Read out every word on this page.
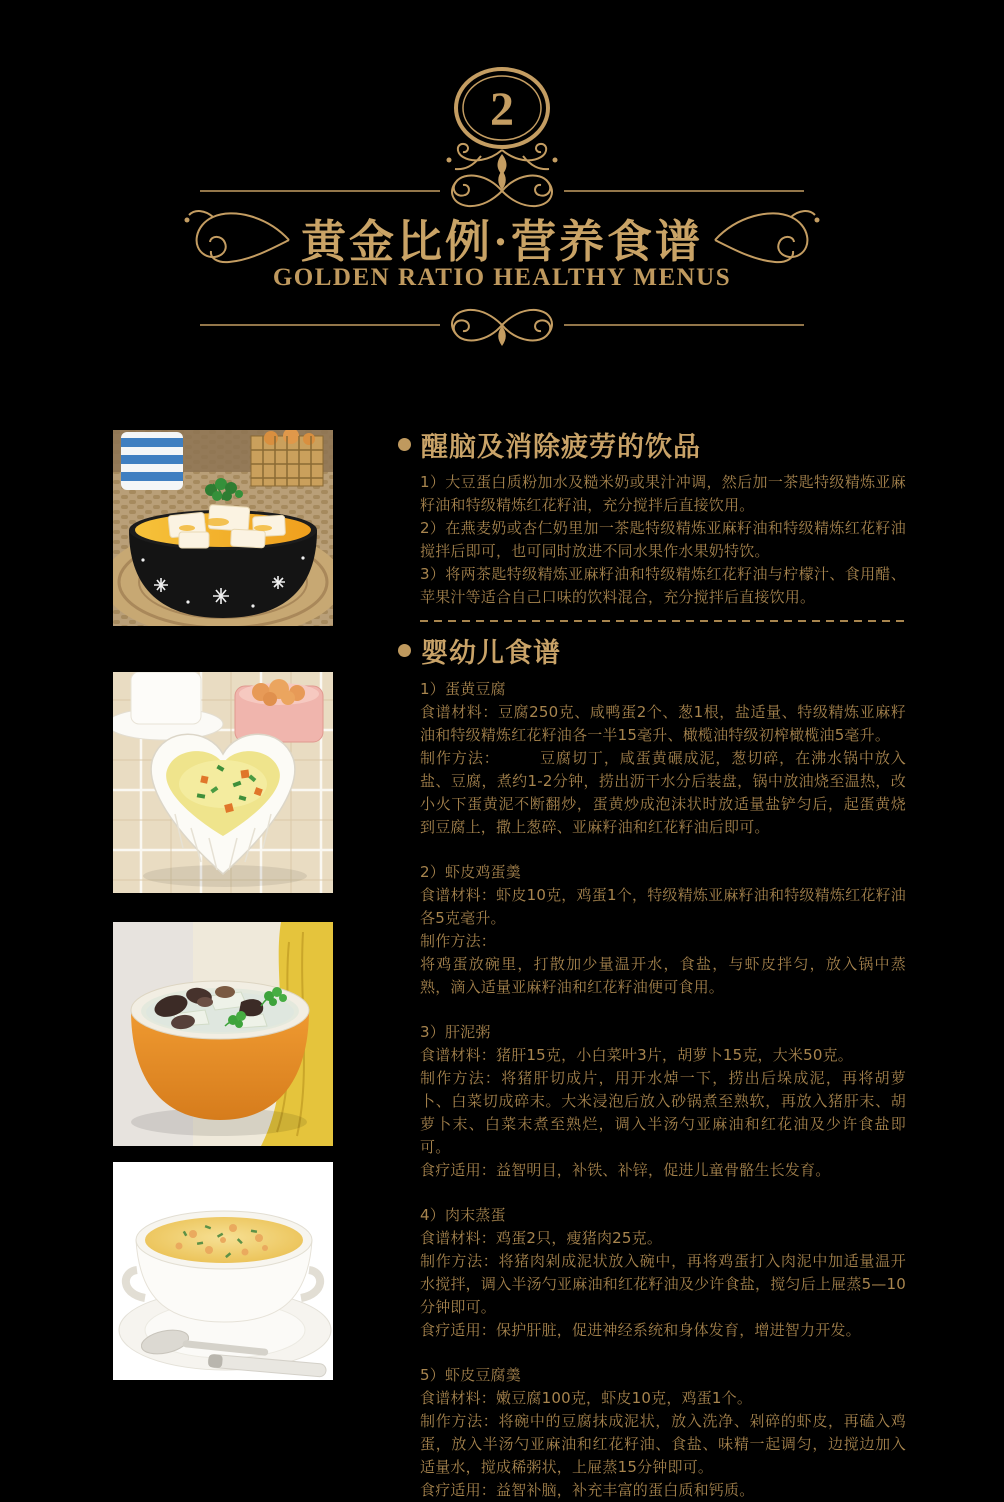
2
黄金比例·营养食谱

GOLDEN RATIO HEALTHY MENUS

醒脑及消除疲劳的饮品

1）大豆蛋白质粉加水及糙米奶或果汁冲调，然后加一茶匙特级精炼亚麻籽油和特级精炼红花籽油，充分搅拌后直接饮用。

2）在燕麦奶或杏仁奶里加一茶匙特级精炼亚麻籽油和特级精炼红花籽油搅拌后即可，也可同时放进不同水果作水果奶特饮。

3）将两茶匙特级精炼亚麻籽油和特级精炼红花籽油与柠檬汁、食用醋、苹果汁等适合自己口味的饮料混合，充分搅拌后直接饮用。

婴幼儿食谱

1）蛋黄豆腐

食谱材料：豆腐250克、咸鸭蛋2个、葱1根，盐适量、特级精炼亚麻籽油和特级精炼红花籽油各一半15毫升、橄榄油特级初榨橄榄油5毫升。

制作方法：　　　豆腐切丁，咸蛋黄碾成泥，葱切碎，在沸水锅中放入盐、豆腐，煮约1-2分钟，捞出沥干水分后装盘，锅中放油烧至温热，改小火下蛋黄泥不断翻炒，蛋黄炒成泡沫状时放适量盐铲匀后，起蛋黄烧到豆腐上，撒上葱碎、亚麻籽油和红花籽油后即可。

2）虾皮鸡蛋羹

食谱材料：虾皮10克，鸡蛋1个，特级精炼亚麻籽油和特级精炼红花籽油各5克毫升。

制作方法：

将鸡蛋放碗里，打散加少量温开水，食盐，与虾皮拌匀，放入锅中蒸熟，滴入适量亚麻籽油和红花籽油便可食用。

3）肝泥粥

食谱材料：猪肝15克，小白菜叶3片，胡萝卜15克，大米50克。

制作方法：将猪肝切成片，用开水焯一下，捞出后垛成泥，再将胡萝卜、白菜切成碎末。大米浸泡后放入砂锅煮至熟软，再放入猪肝末、胡萝卜末、白菜末煮至熟烂，调入半汤勺亚麻油和红花油及少许食盐即可。

食疗适用：益智明目，补铁、补锌，促进儿童骨骼生长发育。

4）肉末蒸蛋

食谱材料：鸡蛋2只，瘦猪肉25克。

制作方法：将猪肉剁成泥状放入碗中，再将鸡蛋打入肉泥中加适量温开水搅拌，调入半汤勺亚麻油和红花籽油及少许食盐，搅匀后上屉蒸5—10分钟即可。

食疗适用：保护肝脏，促进神经系统和身体发育，增进智力开发。

5）虾皮豆腐羹

食谱材料：嫩豆腐100克，虾皮10克，鸡蛋1个。

制作方法：将碗中的豆腐抹成泥状，放入洗净、剁碎的虾皮，再磕入鸡蛋，放入半汤勺亚麻油和红花籽油、食盐、味精一起调匀，边搅边加入适量水，搅成稀粥状，上屉蒸15分钟即可。

食疗适用：益智补脑，补充丰富的蛋白质和钙质。
